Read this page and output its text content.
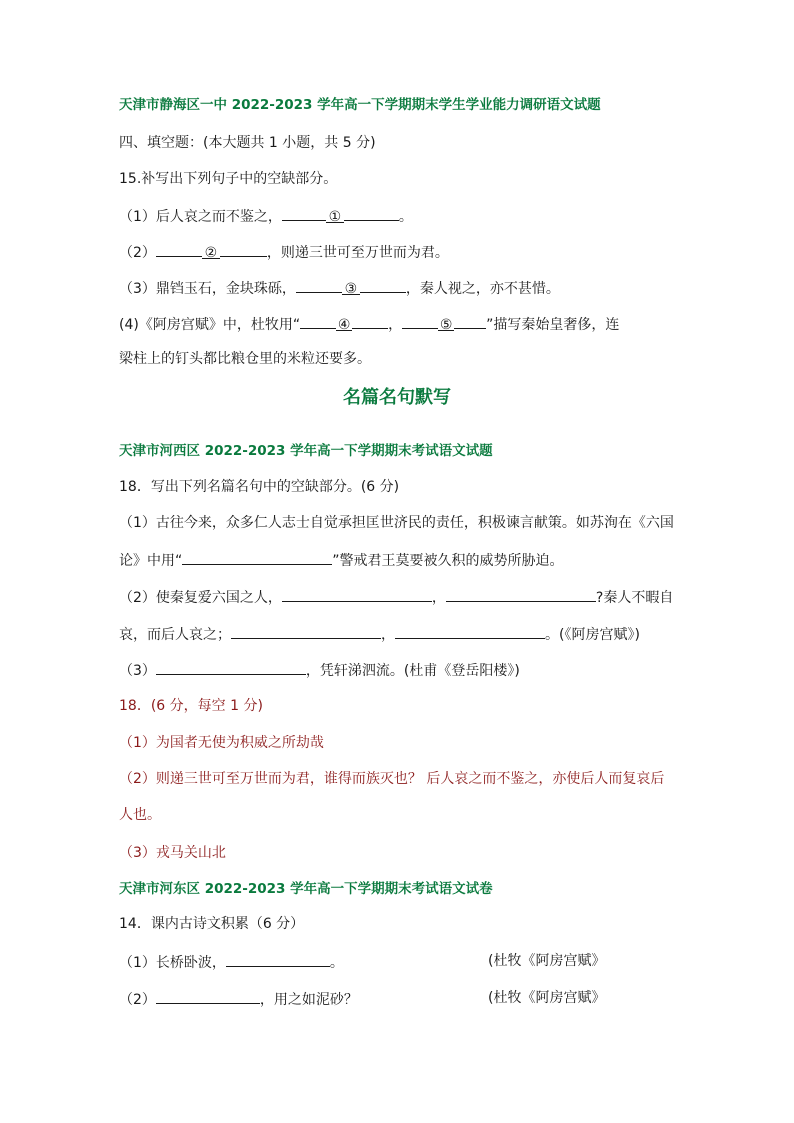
天津市静海区一中 2022-2023 学年高一下学期期末学生学业能力调研语文试题
四、填空题：(本大题共 1 小题，共 5 分)
15.补写出下列句子中的空缺部分。
（1）后人哀之而不鉴之，	①	。
（2）	②	，则递三世可至万世而为君。
（3）鼎铛玉石，金块珠砾，	③	，秦人视之，亦不甚惜。
(4)《阿房宫赋》中，杜牧用“	④	，	⑤ ”描写秦始皇奢侈，连
梁柱上的钉头都比粮仓里的米粒还要多。
名篇名句默写
天津市河西区 2022-2023 学年高一下学期期末考试语文试题
18．写出下列名篇名句中的空缺部分。(6 分)
（1）古往今来，众多仁人志士自觉承担匡世济民的责任，积极谏言献策。如苏洵在《六国
论》中用“	”警戒君王莫要被久积的威势所胁迫。
（2）使秦复爱六国之人，	，	?秦人不暇自
哀，而后人哀之；	，	。(《阿房宫赋》)
（3）	，凭轩涕泗流。(杜甫《登岳阳楼》)
18．(6 分，每空 1 分)
（1）为国者无使为积威之所劫哉
（2）则递三世可至万世而为君，谁得而族灭也？ 后人哀之而不鉴之，亦使后人而复哀后
人也。
（3）戎马关山北
天津市河东区 2022-2023 学年高一下学期期末考试语文试卷
14．课内古诗文积累（6 分）
（1）长桥卧波，	。	(杜牧《阿房宫赋》
（2）	，用之如泥砂？	(杜牧《阿房宫赋》
